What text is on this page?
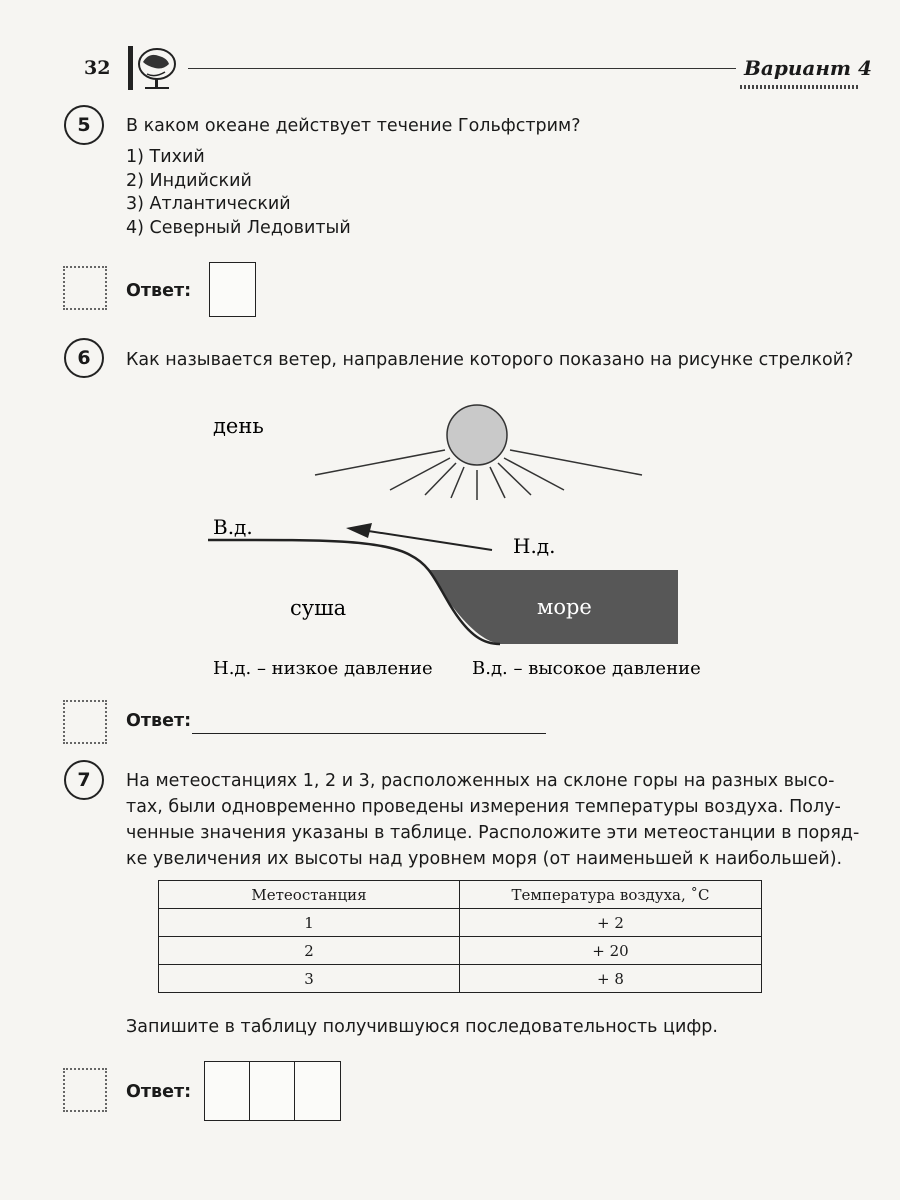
32	Вариант 4
5	В каком океане действует течение Гольфстрим?
1) Тихий
2) Индийский
3) Атлантический
4) Северный Ледовитый
Ответ:
6	Как называется ветер, направление которого показано на рисунке стрелкой?
день
В.д.
Н.д.
суша	море
Н.д. – низкое давление В.д. – высокое давление
Ответ:
7	На метеостанциях 1, 2 и 3, расположенных на склоне горы на разных высо-
тах, были одновременно проведены измерения температуры воздуха. Полу-
ченные значения указаны в таблице. Расположите эти метеостанции в поряд-
ке увеличения их высоты над уровнем моря (от наименьшей к наибольшей).
Метеостанция	Температура воздуха, ˚С
1	+ 2
2	+ 20
3	+ 8
Запишите в таблицу получившуюся последовательность цифр.
Ответ:
